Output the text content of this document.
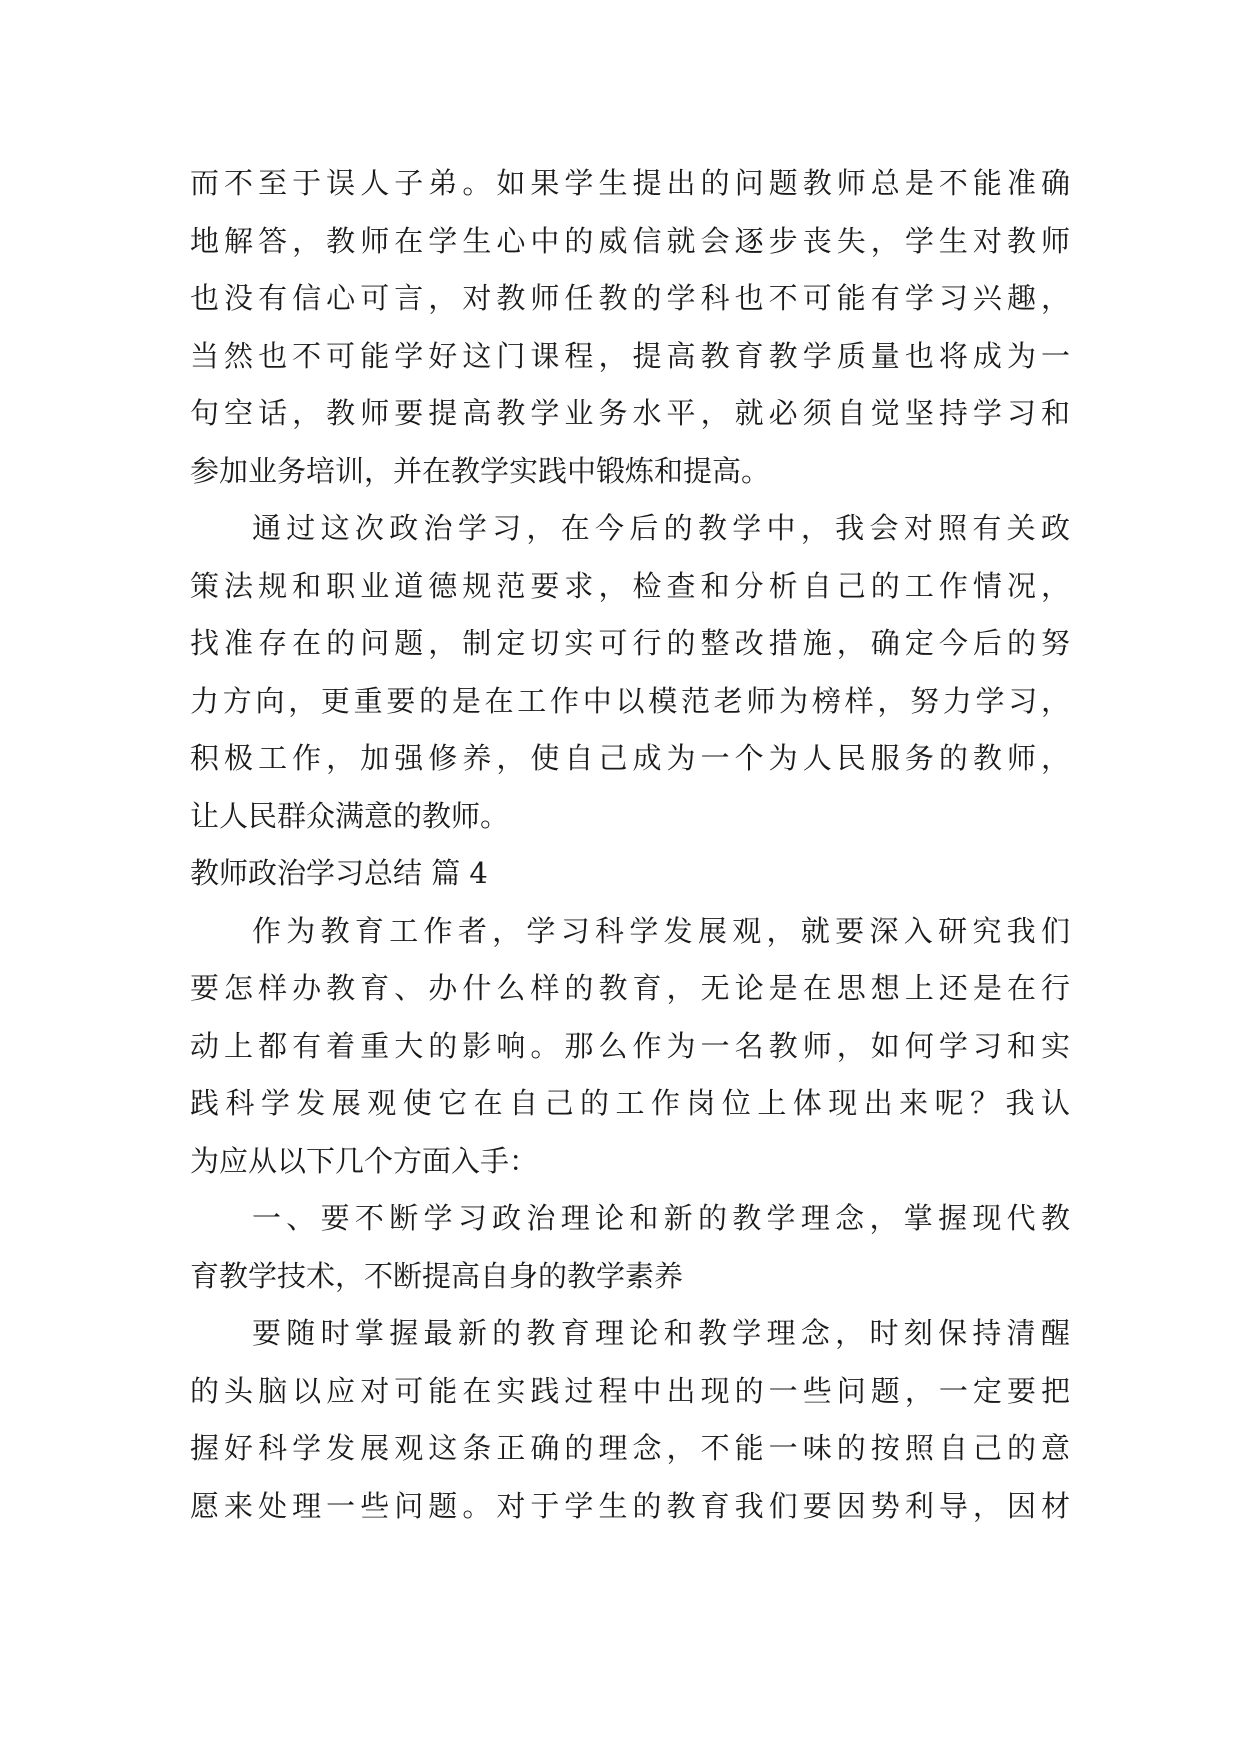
而不至于误人子弟。如果学生提出的问题教师总是不能准确
地解答，教师在学生心中的威信就会逐步丧失，学生对教师
也没有信心可言，对教师任教的学科也不可能有学习兴趣，
当然也不可能学好这门课程，提高教育教学质量也将成为一
句空话，教师要提高教学业务水平，就必须自觉坚持学习和
参加业务培训，并在教学实践中锻炼和提高。
通过这次政治学习，在今后的教学中，我会对照有关政
策法规和职业道德规范要求，检查和分析自己的工作情况，
找准存在的问题，制定切实可行的整改措施，确定今后的努
力方向，更重要的是在工作中以模范老师为榜样，努力学习，
积极工作，加强修养，使自己成为一个为人民服务的教师，
让人民群众满意的教师。
教师政治学习总结 篇 4
作为教育工作者，学习科学发展观，就要深入研究我们
要怎样办教育、办什么样的教育，无论是在思想上还是在行
动上都有着重大的影响。那么作为一名教师，如何学习和实
践科学发展观使它在自己的工作岗位上体现出来呢？我认
为应从以下几个方面入手：
一、要不断学习政治理论和新的教学理念，掌握现代教
育教学技术，不断提高自身的教学素养
要随时掌握最新的教育理论和教学理念，时刻保持清醒
的头脑以应对可能在实践过程中出现的一些问题，一定要把
握好科学发展观这条正确的理念，不能一味的按照自己的意
愿来处理一些问题。对于学生的教育我们要因势利导，因材
